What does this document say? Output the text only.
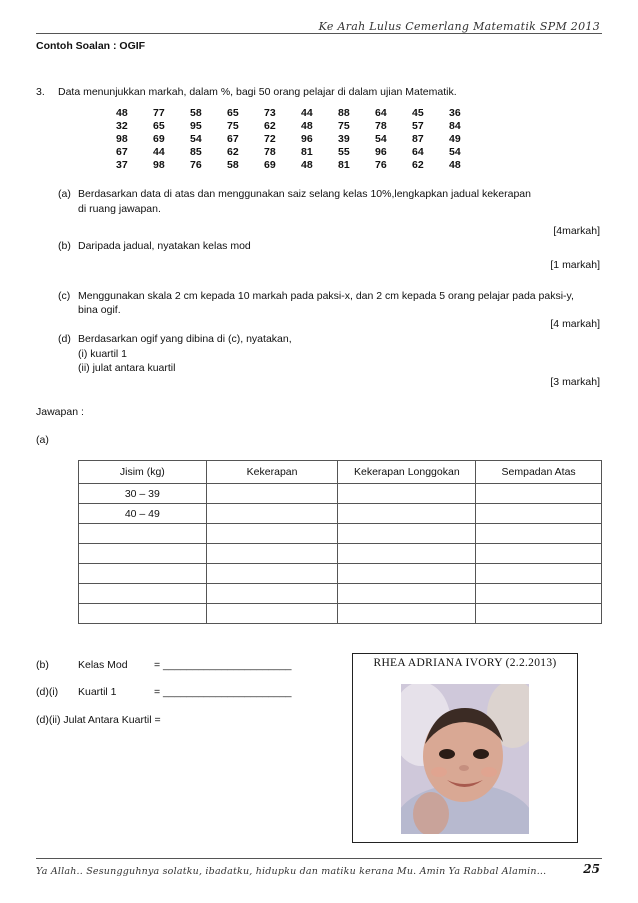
Ke Arah Lulus Cemerlang Matematik SPM 2013
Contoh Soalan : OGIF
3. Data menunjukkan markah, dalam %, bagi 50 orang pelajar di dalam ujian Matematik.
48	77	58	65	73	44	88	64	45	36
32	65	95	75	62	48	75	78	57	84
98	69	54	67	72	96	39	54	87	49
67	44	85	62	78	81	55	96	64	54
37	98	76	58	69	48	81	76	62	48
(a) Berdasarkan data di atas dan menggunakan saiz selang kelas 10%,lengkapkan jadual kekerapan
di ruang jawapan.
[4markah]
(b) Daripada jadual, nyatakan kelas mod
[1 markah]
(c) Menggunakan skala 2 cm kepada 10 markah pada paksi-x, dan 2 cm kepada 5 orang pelajar pada paksi-y,
bina ogif.
[4 markah]
(d) Berdasarkan ogif yang dibina di (c), nyatakan,
(i) kuartil 1
(ii) julat antara kuartil
[3 markah]
Jawapan :
(a)
Jisim (kg)	Kekerapan	Kekerapan Longgokan	Sempadan Atas
30 – 39			
40 – 49			

(b)	Kelas Mod	= ______________________
(d)(i) Kuartil 1	= ______________________
(d)(ii) Julat Antara Kuartil =
RHEA ADRIANA IVORY (2.2.2013)
Ya Allah.. Sesungguhnya solatku, ibadatku, hidupku dan matiku kerana Mu. Amin Ya Rabbal Alamin...	25
